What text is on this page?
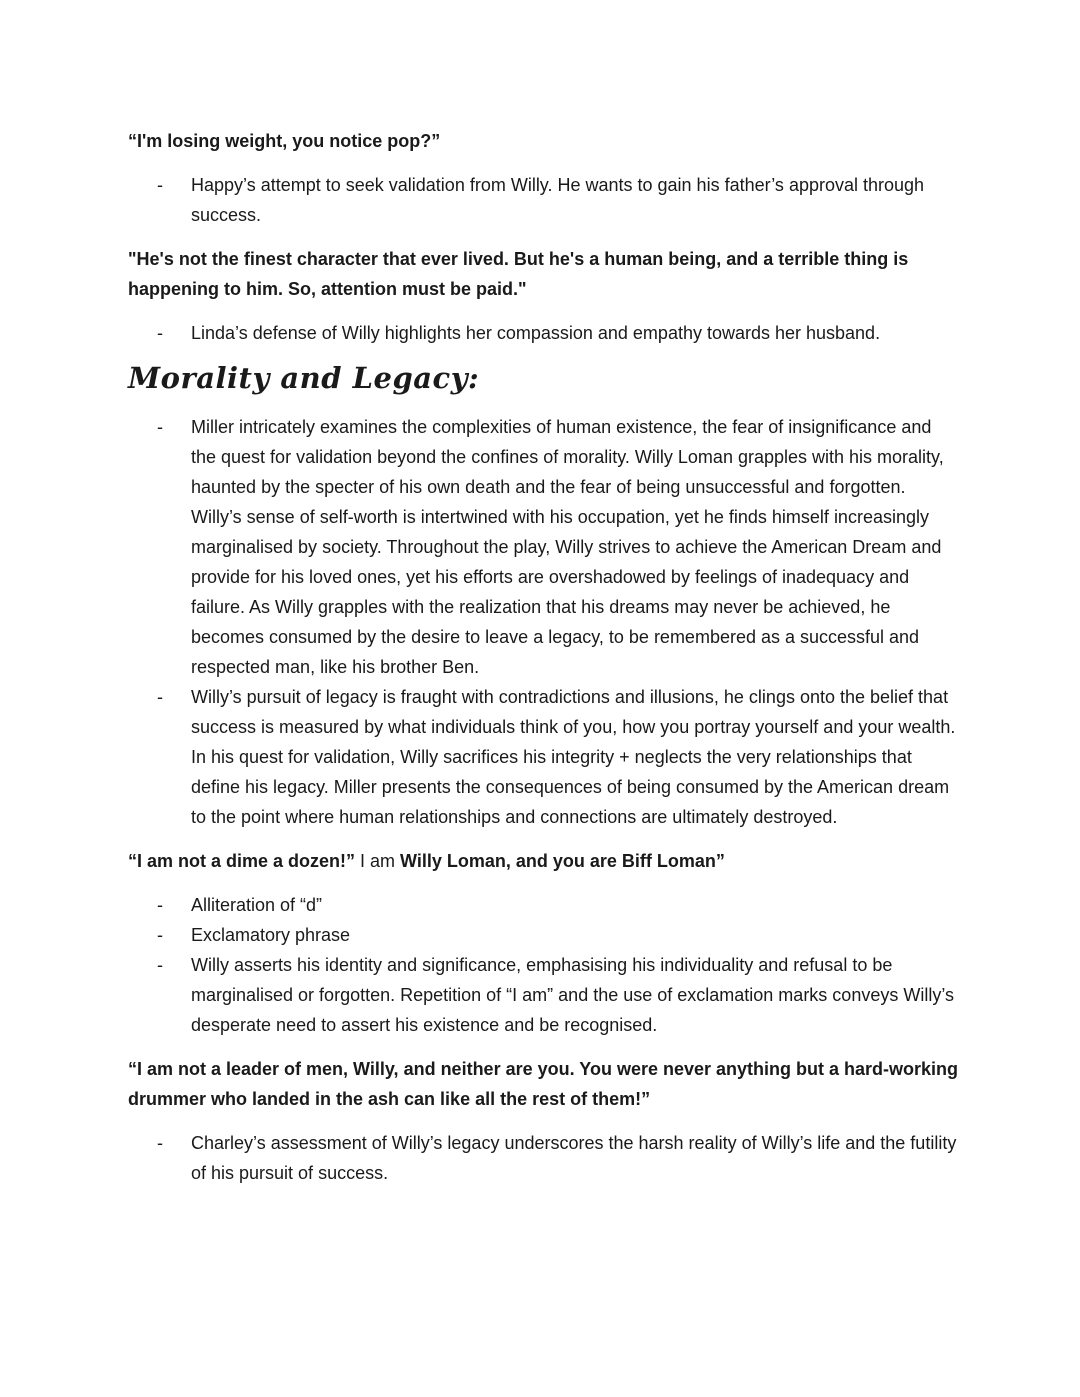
“I'm losing weight, you notice pop?”

- Happy’s attempt to seek validation from Willy. He wants to gain his father’s approval through success.

"He's not the finest character that ever lived. But he's a human being, and a terrible thing is happening to him. So, attention must be paid."

- Linda’s defense of Willy highlights her compassion and empathy towards her husband.
Morality and Legacy:
- Miller intricately examines the complexities of human existence, the fear of insignificance and the quest for validation beyond the confines of morality. Willy Loman grapples with his morality, haunted by the specter of his own death and the fear of being unsuccessful and forgotten. Willy’s sense of self-worth is intertwined with his occupation, yet he finds himself increasingly marginalised by society. Throughout the play, Willy strives to achieve the American Dream and provide for his loved ones, yet his efforts are overshadowed by feelings of inadequacy and failure. As Willy grapples with the realization that his dreams may never be achieved, he becomes consumed by the desire to leave a legacy, to be remembered as a successful and respected man, like his brother Ben.
- Willy’s pursuit of legacy is fraught with contradictions and illusions, he clings onto the belief that success is measured by what individuals think of you, how you portray yourself and your wealth. In his quest for validation, Willy sacrifices his integrity + neglects the very relationships that define his legacy. Miller presents the consequences of being consumed by the American dream to the point where human relationships and connections are ultimately destroyed.

“I am not a dime a dozen!” I am Willy Loman, and you are Biff Loman”

- Alliteration of “d”
- Exclamatory phrase
- Willy asserts his identity and significance, emphasising his individuality and refusal to be marginalised or forgotten. Repetition of “I am” and the use of exclamation marks conveys Willy’s desperate need to assert his existence and be recognised.

“I am not a leader of men, Willy, and neither are you. You were never anything but a hard-working drummer who landed in the ash can like all the rest of them!”

- Charley’s assessment of Willy’s legacy underscores the harsh reality of Willy’s life and the futility of his pursuit of success.
